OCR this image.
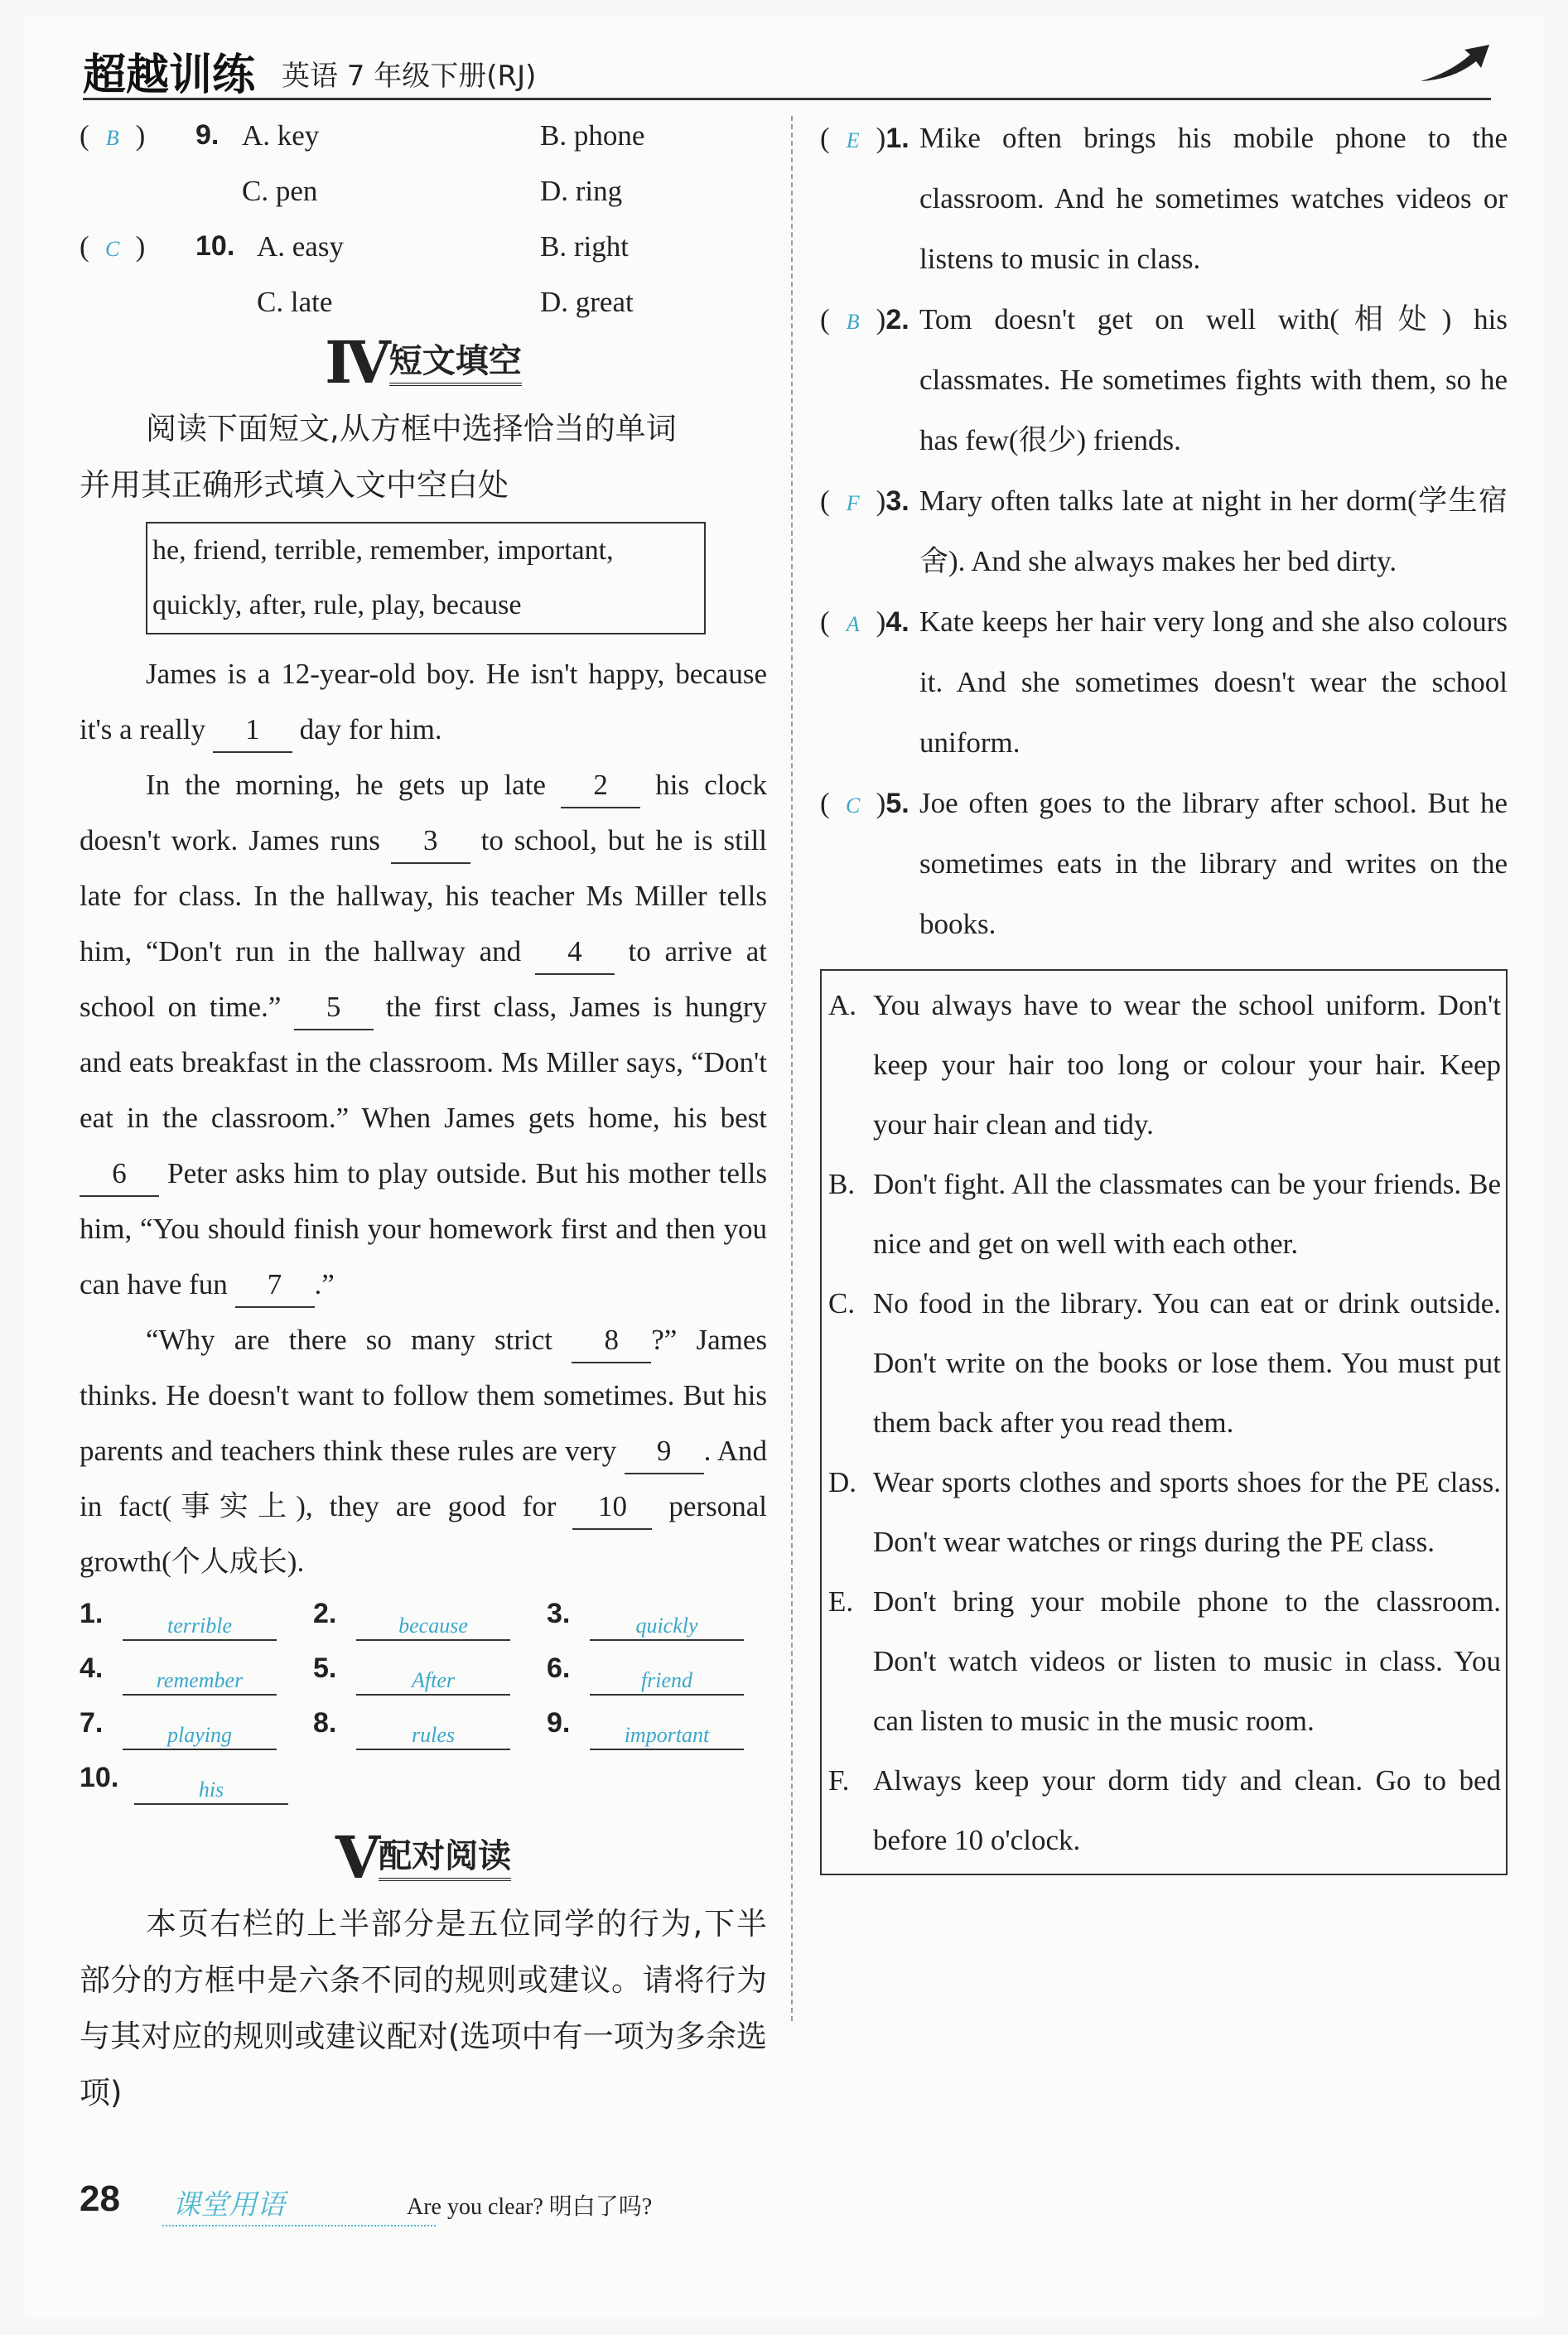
超越训练 英语 7 年级下册(RJ)
( B ) 9. A. key	B. phone
C. pen	D. ring
( C ) 10. A. easy	B. right
C. late	D. great
Ⅳ 短文填空
阅读下面短文,从方框中选择恰当的单词
并用其正确形式填入文中空白处
he, friend, terrible, remember, important,
quickly, after, rule, play, because

James is a 12-year-old boy. He isn't happy, because it's a really 1 day for him.

In the morning, he gets up late 2 his clock doesn't work. James runs 3 to school, but he is still late for class. In the hallway, his teacher Ms Miller tells him, “Don't run in the hallway and 4 to arrive at school on time.” 5 the first class, James is hungry and eats breakfast in the classroom. Ms Miller says, “Don't eat in the classroom.” When James gets home, his best 6 Peter asks him to play outside. But his mother tells him, “You should finish your homework first and then you can have fun 7 .”

“Why are there so many strict 8 ?” James thinks. He doesn't want to follow them sometimes. But his parents and teachers think these rules are very 9 . And in fact(事实上), they are good for 10 personal growth(个人成长).

1.	terrible	2.	because	3.	quickly
4.	remember	5.	After	6.	friend
7.	playing	8.	rules	9.	important
10.	his
Ⅴ 配对阅读
本页右栏的上半部分是五位同学的行为,下半部分的方框中是六条不同的规则或建议。请将行为与其对应的规则或建议配对(选项中有一项为多余选项)
( E )1. Mike often brings his mobile phone to the classroom. And he sometimes watches videos or listens to music in class.
( B )2. Tom doesn't get on well with(相处) his classmates. He sometimes fights with them, so he has few(很少) friends.
( F )3. Mary often talks late at night in her dorm(学生宿舍). And she always makes her bed dirty.
( A )4. Kate keeps her hair very long and she also colours it. And she sometimes doesn't wear the school uniform.
( C )5. Joe often goes to the library after school. But he sometimes eats in the library and writes on the books.
A. You always have to wear the school uniform. Don't keep your hair too long or colour your hair. Keep your hair clean and tidy.
B. Don't fight. All the classmates can be your friends. Be nice and get on well with each other.
C. No food in the library. You can eat or drink outside. Don't write on the books or lose them. You must put them back after you read them.
D. Wear sports clothes and sports shoes for the PE class. Don't wear watches or rings during the PE class.
E. Don't bring your mobile phone to the classroom. Don't watch videos or listen to music in class. You can listen to music in the music room.
F. Always keep your dorm tidy and clean. Go to bed before 10 o'clock.
28 课堂用语	Are you clear? 明白了吗?
